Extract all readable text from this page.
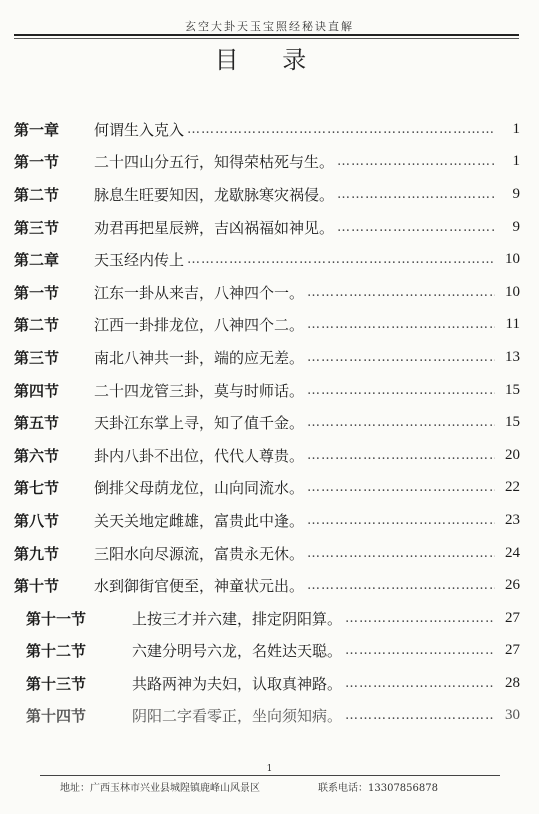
玄空大卦天玉宝照经秘诀直解
目 录
第一章	何谓生入克入 …………………………………………………………………………………………	1
第一节	二十四山分五行，知得荣枯死与生。 …………………………………………………………………………………………	1
第二节	脉息生旺要知因，龙歇脉寒灾祸侵。 …………………………………………………………………………………………	9
第三节	劝君再把星辰辨，吉凶祸福如神见。 …………………………………………………………………………………………	9
第二章	天玉经内传上 …………………………………………………………………………………………	10
第一节	江东一卦从来吉，八神四个一。 …………………………………………………………………………………………	10
第二节	江西一卦排龙位，八神四个二。 …………………………………………………………………………………………	11
第三节	南北八神共一卦，端的应无差。 …………………………………………………………………………………………	13
第四节	二十四龙管三卦，莫与时师话。 …………………………………………………………………………………………	15
第五节	天卦江东掌上寻，知了值千金。 …………………………………………………………………………………………	15
第六节	卦内八卦不出位，代代人尊贵。 …………………………………………………………………………………………	20
第七节	倒排父母荫龙位，山向同流水。 …………………………………………………………………………………………	22
第八节	关天关地定雌雄，富贵此中逢。 …………………………………………………………………………………………	23
第九节	三阳水向尽源流，富贵永无休。 …………………………………………………………………………………………	24
第十节	水到御街官便至，神童状元出。 …………………………………………………………………………………………	26
第十一节	上按三才并六建，排定阴阳算。 …………………………………………………………………………………………	27
第十二节	六建分明号六龙，名姓达天聪。 …………………………………………………………………………………………	27
第十三节	共路两神为夫妇，认取真神路。 …………………………………………………………………………………………	28
第十四节	阴阳二字看零正，坐向须知病。 …………………………………………………………………………………………	30
1
地址：广西玉林市兴业县城隍镇鹿峰山风景区	联系电话：13307856878
